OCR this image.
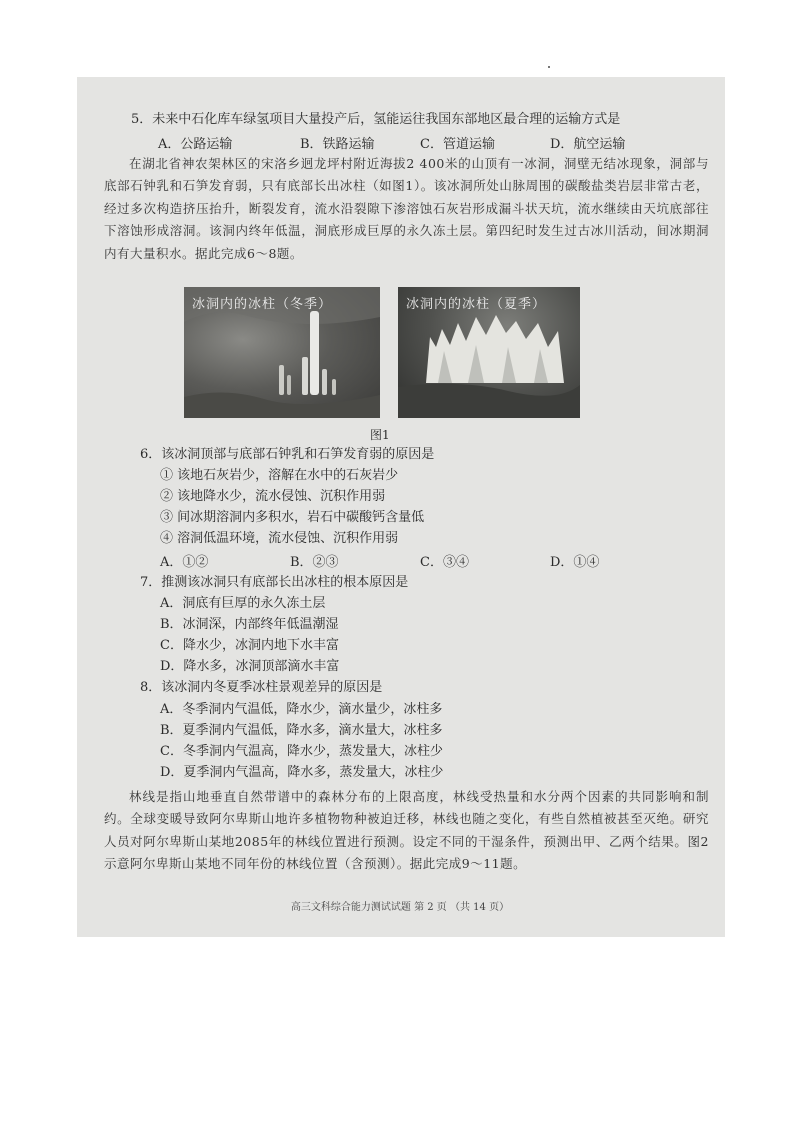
5．未来中石化库车绿氢项目大量投产后，氢能运往我国东部地区最合理的运输方式是
A．公路运输	B．铁路运输	C．管道运输	D．航空运输
在湖北省神农架林区的宋洛乡迥龙坪村附近海拔2 400米的山顶有一冰洞，洞壁无结冰现象，洞部与底部石钟乳和石笋发育弱，只有底部长出冰柱（如图1）。该冰洞所处山脉周围的碳酸盐类岩层非常古老，经过多次构造挤压抬升，断裂发育，流水沿裂隙下渗溶蚀石灰岩形成漏斗状天坑，流水继续由天坑底部往下溶蚀形成溶洞。该洞内终年低温，洞底形成巨厚的永久冻土层。第四纪时发生过古冰川活动，间冰期洞内有大量积水。据此完成6～8题。
冰洞内的冰柱（冬季）	冰洞内的冰柱（夏季）
图1
6．该冰洞顶部与底部石钟乳和石笋发育弱的原因是
① 该地石灰岩少，溶解在水中的石灰岩少
② 该地降水少，流水侵蚀、沉积作用弱
③ 间冰期溶洞内多积水，岩石中碳酸钙含量低
④ 溶洞低温环境，流水侵蚀、沉积作用弱
A．①②	B．②③	C．③④	D．①④
7．推测该冰洞只有底部长出冰柱的根本原因是
A．洞底有巨厚的永久冻土层
B．冰洞深，内部终年低温潮湿
C．降水少，冰洞内地下水丰富
D．降水多，冰洞顶部滴水丰富
8．该冰洞内冬夏季冰柱景观差异的原因是
A．冬季洞内气温低，降水少，滴水量少，冰柱多
B．夏季洞内气温低，降水多，滴水量大，冰柱多
C．冬季洞内气温高，降水少，蒸发量大，冰柱少
D．夏季洞内气温高，降水多，蒸发量大，冰柱少
林线是指山地垂直自然带谱中的森林分布的上限高度，林线受热量和水分两个因素的共同影响和制约。全球变暖导致阿尔卑斯山地许多植物物种被迫迁移，林线也随之变化，有些自然植被甚至灭绝。研究人员对阿尔卑斯山某地2085年的林线位置进行预测。设定不同的干湿条件，预测出甲、乙两个结果。图2示意阿尔卑斯山某地不同年份的林线位置（含预测）。据此完成9～11题。
高三文科综合能力测试试题 第 2 页 （共 14 页）
